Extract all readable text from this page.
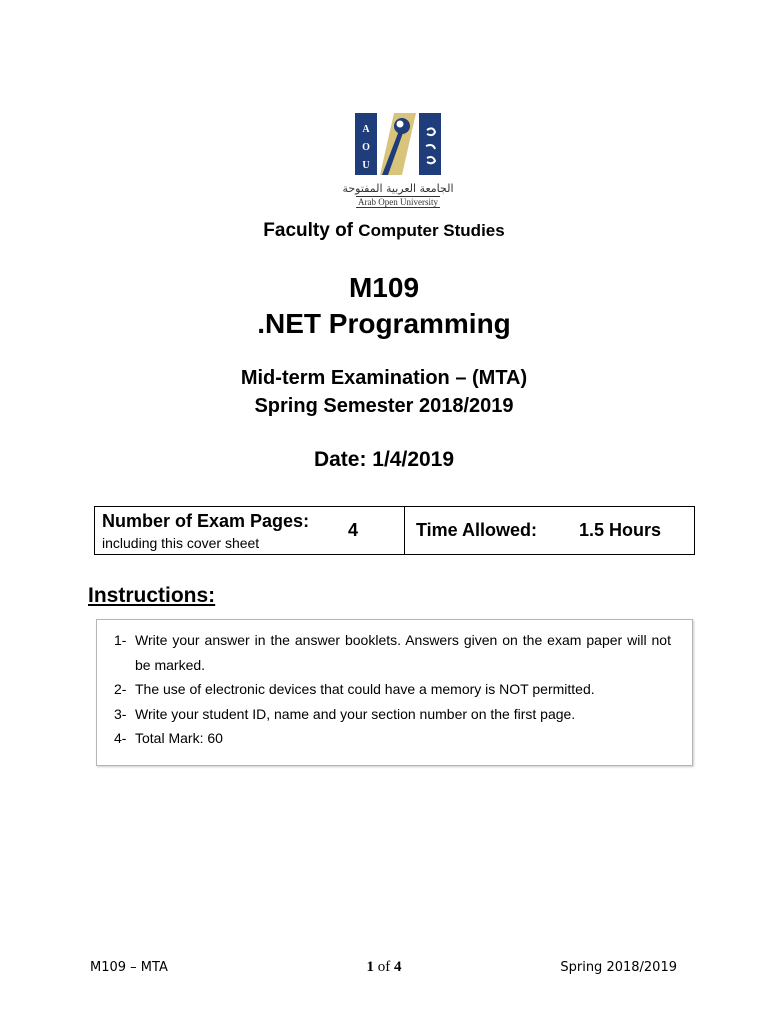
A
O
U
الجامعة العربية المفتوحة
Arab Open University
Faculty of Computer Studies
M109
.NET Programming
Mid-term Examination – (MTA)
Spring Semester 2018/2019
Date: 1/4/2019
Number of Exam Pages: 4
including this cover sheet
Time Allowed: 1.5 Hours
Instructions:
1- Write your answer in the answer booklets. Answers given on the exam paper will not be marked.
2- The use of electronic devices that could have a memory is NOT permitted.
3- Write your student ID, name and your section number on the first page.
4- Total Mark: 60
M109 – MTA	1 of 4	Spring 2018/2019
